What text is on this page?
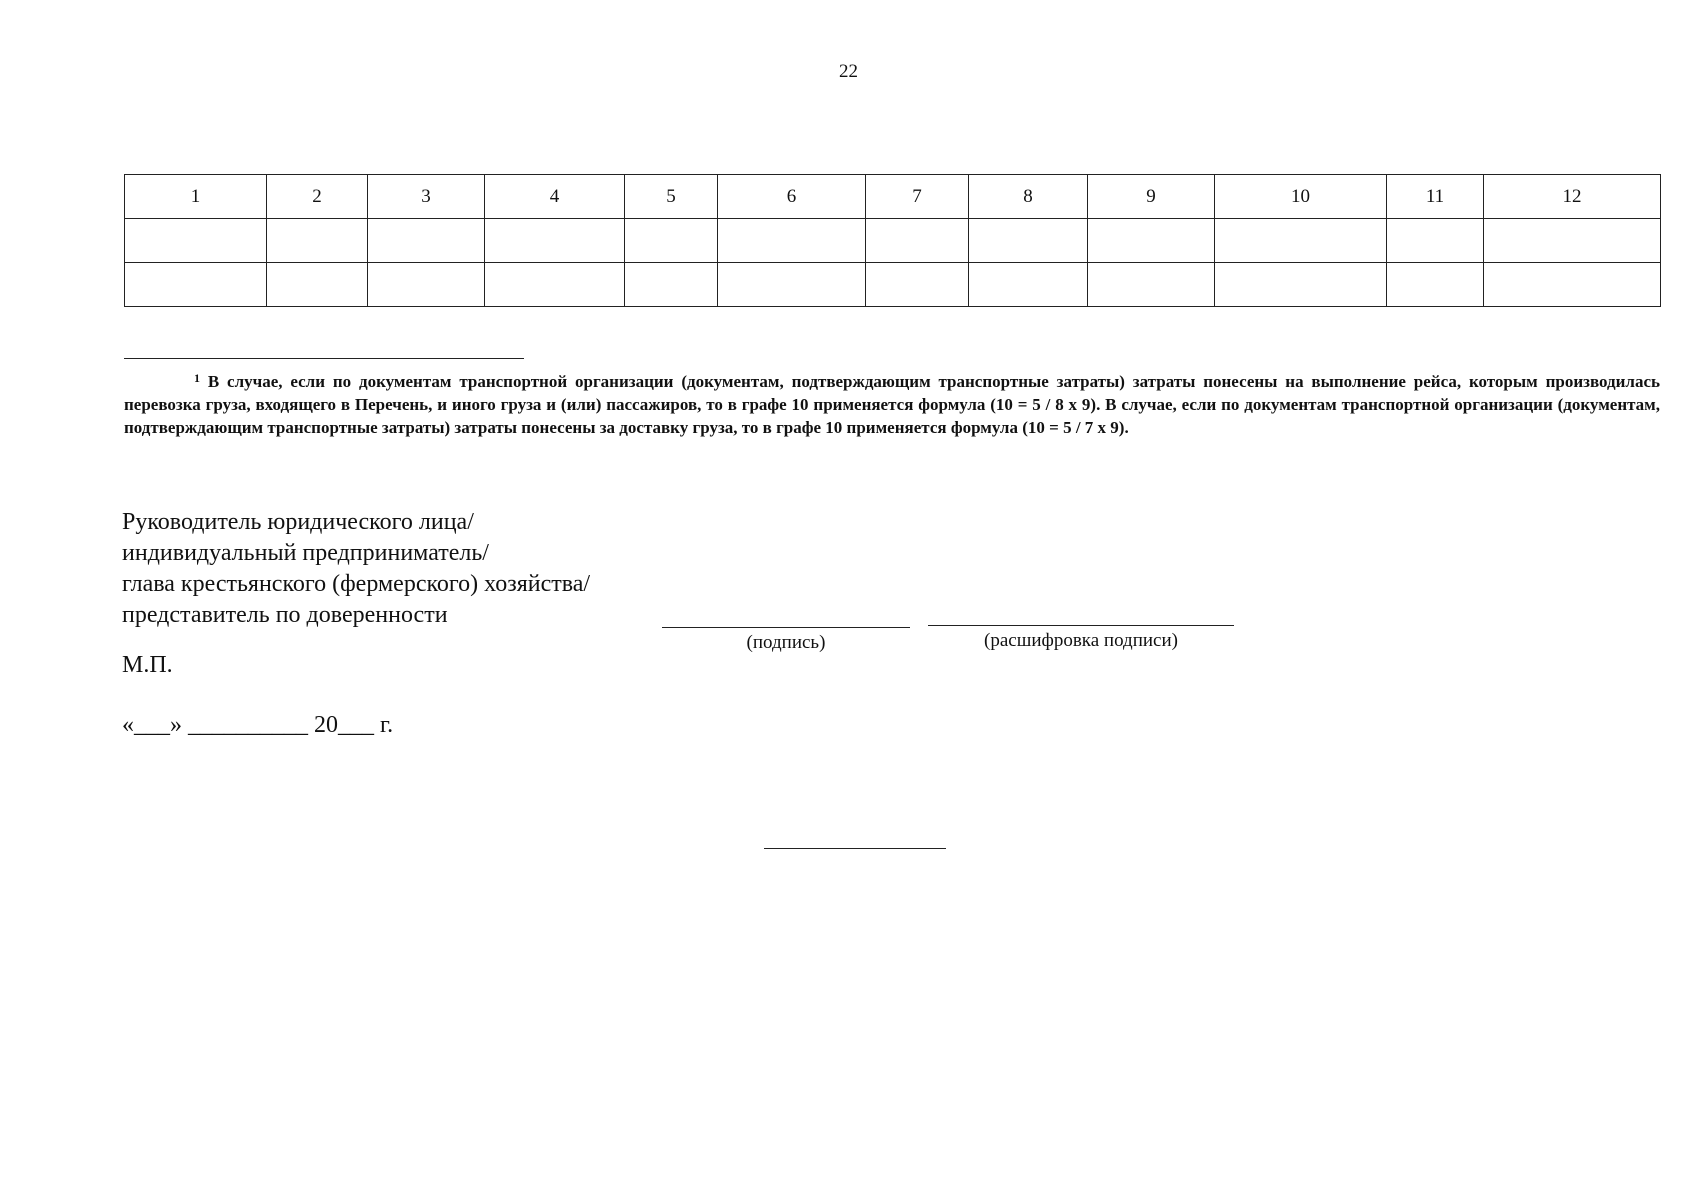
22
1	2	3	4	5	6	7	8	9	10	11	12

$^1$ В случае, если по документам транспортной организации (документам, подтверждающим транспортные затраты) затраты понесены на выполнение рейса, которым производилась перевозка груза, входящего в Перечень, и иного груза и (или) пассажиров, то в графе 10 применяется формула (10 = 5 / 8 x 9). В случае, если по документам транспортной организации (документам, подтверждающим транспортные затраты) затраты понесены за доставку груза, то в графе 10 применяется формула (10 = 5 / 7 x 9).

Руководитель юридического лица/
индивидуальный предприниматель/
глава крестьянского (фермерского) хозяйства/
представитель по доверенности
(подпись)	(расшифровка подписи)
М.П.
«___» __________ 20___ г.
